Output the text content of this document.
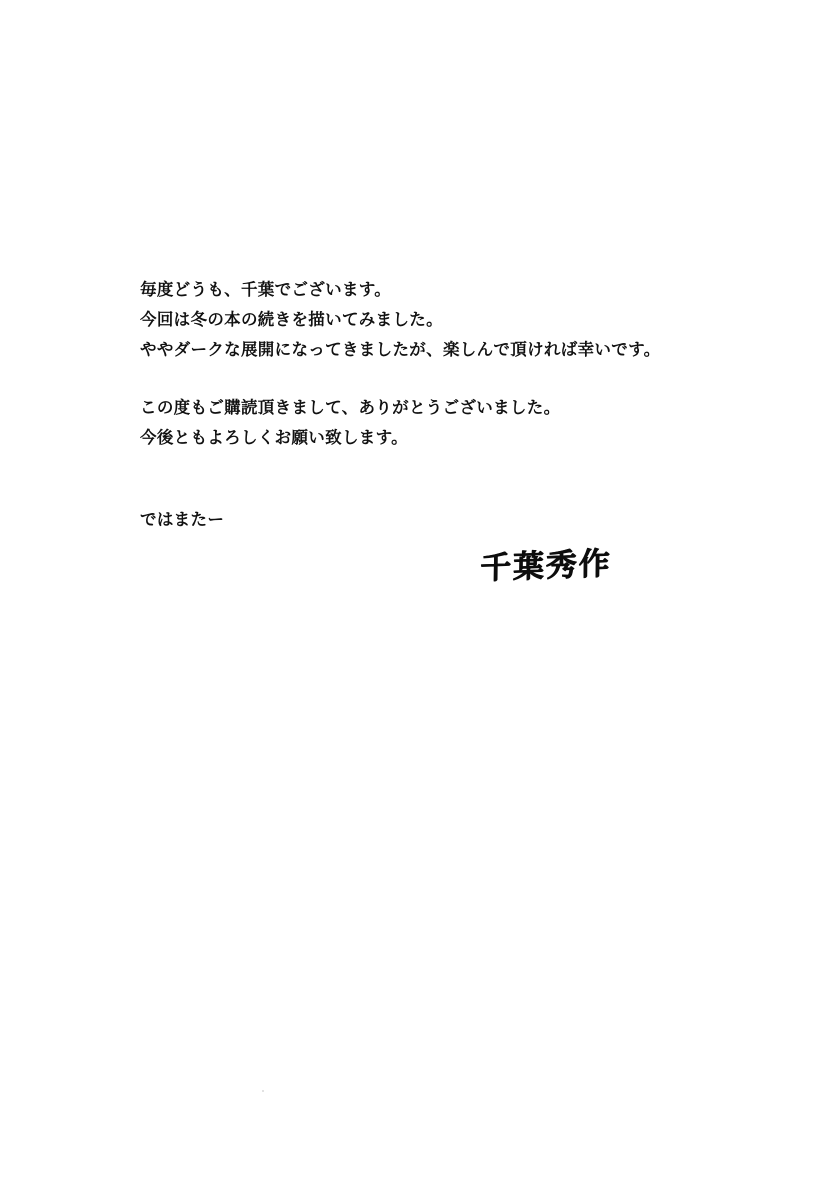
毎度どうも、千葉でございます。
今回は冬の本の続きを描いてみました。
ややダークな展開になってきましたが、楽しんで頂ければ幸いです。
この度もご購読頂きまして、ありがとうございました。
今後ともよろしくお願い致します。
ではまたー
千葉秀作
